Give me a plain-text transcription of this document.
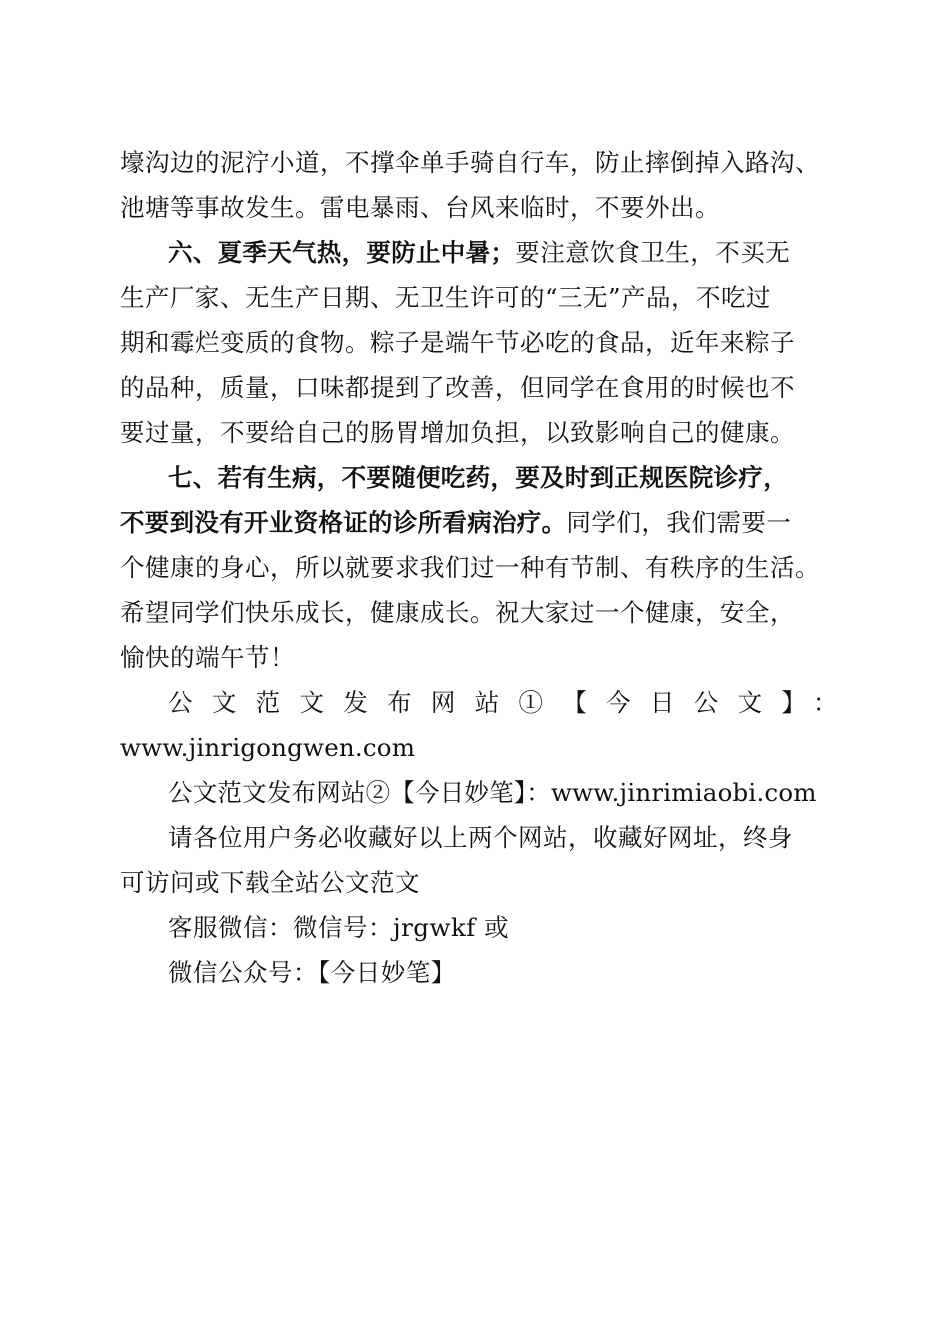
壕沟边的泥泞小道，不撑伞单手骑自行车，防止摔倒掉入路沟、
池塘等事故发生。雷电暴雨、台风来临时，不要外出。
六、夏季天气热，要防止中暑；要注意饮食卫生，不买无
生产厂家、无生产日期、无卫生许可的“三无”产品，不吃过
期和霉烂变质的食物。粽子是端午节必吃的食品，近年来粽子
的品种，质量，口味都提到了改善，但同学在食用的时候也不
要过量，不要给自己的肠胃增加负担，以致影响自己的健康。
七、若有生病，不要随便吃药，要及时到正规医院诊疗，
不要到没有开业资格证的诊所看病治疗。同学们，我们需要一
个健康的身心，所以就要求我们过一种有节制、有秩序的生活。
希望同学们快乐成长，健康成长。祝大家过一个健康，安全，
愉快的端午节！
公文范文发布网站①【今日公文】：
www.jinrigongwen.com
公文范文发布网站②【今日妙笔】：www.jinrimiaobi.com
请各位用户务必收藏好以上两个网站，收藏好网址，终身
可访问或下载全站公文范文
客服微信：微信号：jrgwkf 或
微信公众号：【今日妙笔】
